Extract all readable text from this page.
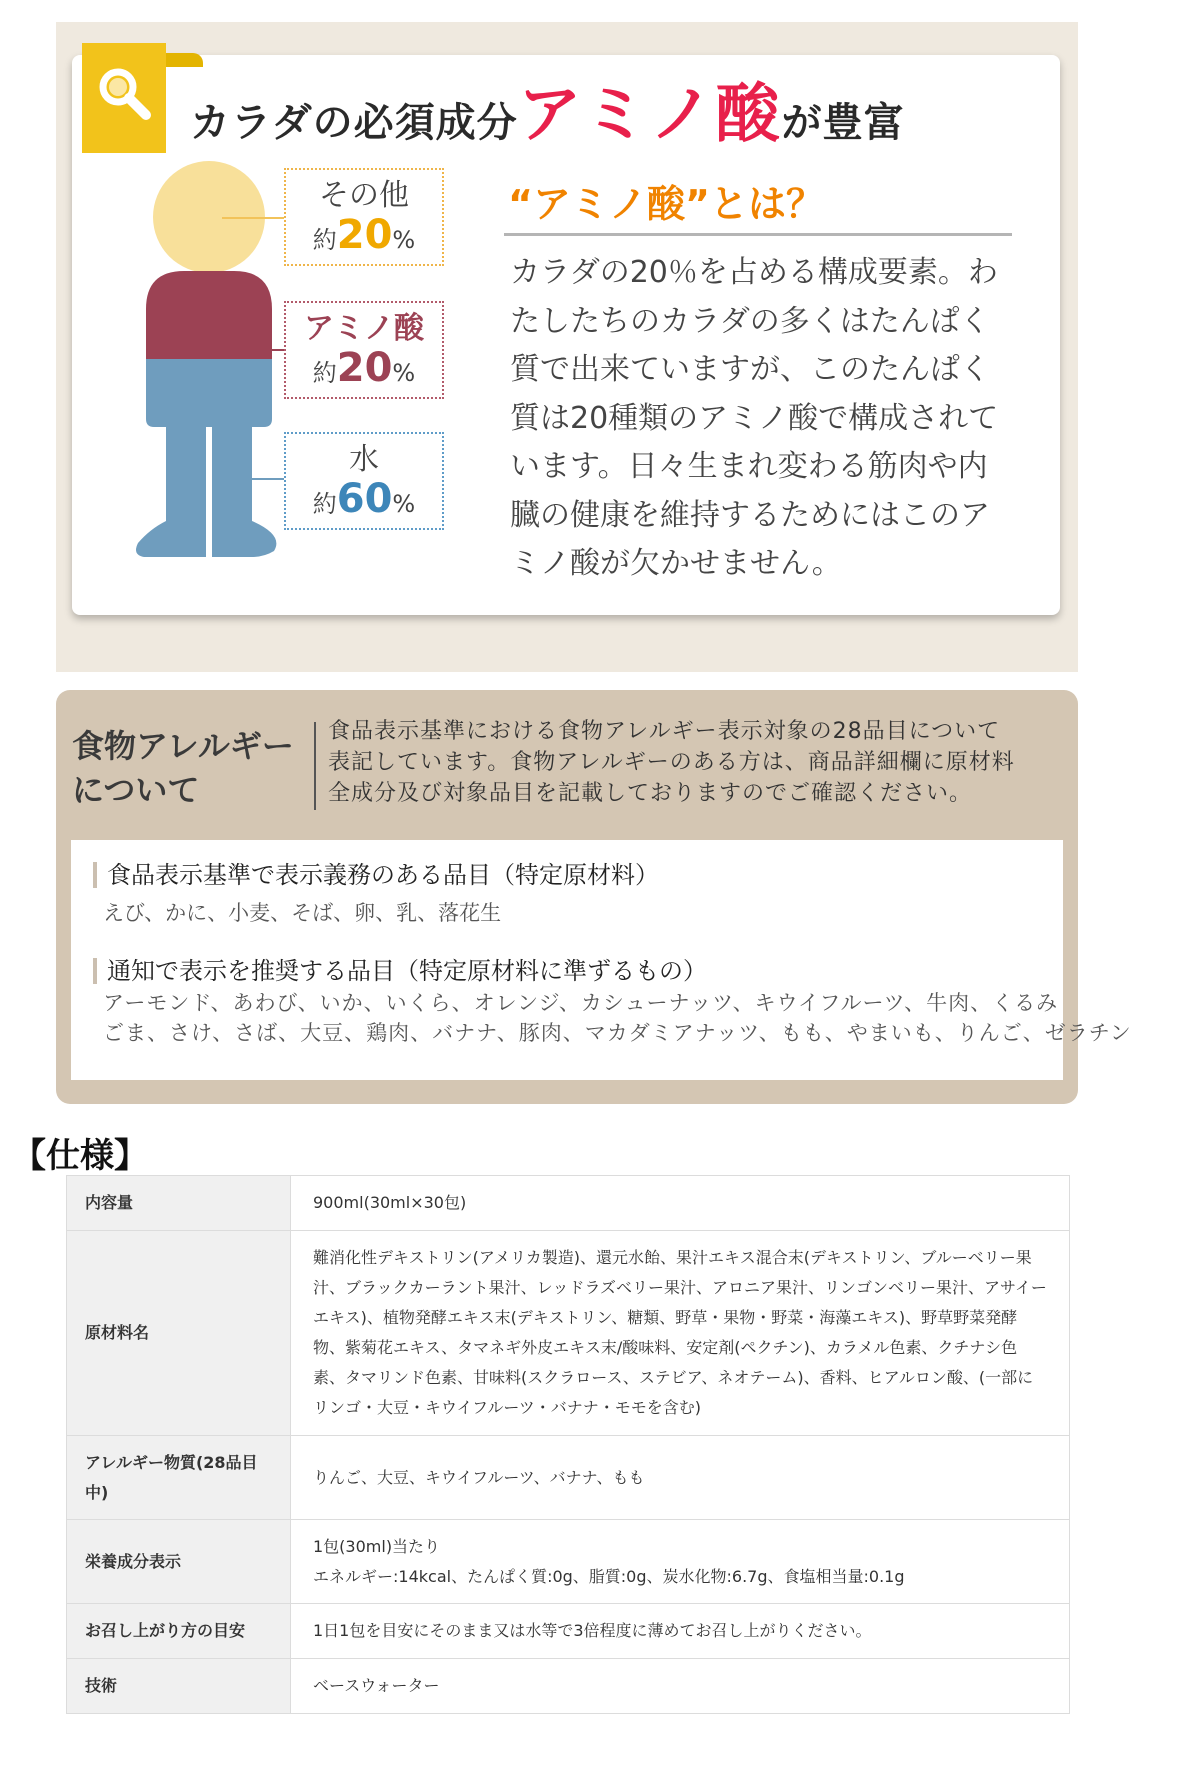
カラダの必須成分アミノ酸が豊富
その他
約20%
アミノ酸
約20%
水
約60%
“アミノ酸”とは？
カラダの20％を占める構成要素。わたしたちのカラダの多くはたんぱく質で出来ていますが、このたんぱく質は20種類のアミノ酸で構成されています。日々生まれ変わる筋肉や内臓の健康を維持するためにはこのアミノ酸が欠かせません。
食物アレルギー
について
食品表示基準における食物アレルギー表示対象の28品目について
表記しています。食物アレルギーのある方は、商品詳細欄に原材料
全成分及び対象品目を記載しておりますのでご確認ください。
食品表示基準で表示義務のある品目（特定原材料）
えび、かに、小麦、そば、卵、乳、落花生
通知で表示を推奨する品目（特定原材料に準ずるもの）
アーモンド、あわび、いか、いくら、オレンジ、カシューナッツ、キウイフルーツ、牛肉、くるみ
ごま、さけ、さば、大豆、鶏肉、バナナ、豚肉、マカダミアナッツ、もも、やまいも、りんご、ゼラチン
【仕様】
内容量	900ml(30ml×30包)
原材料名	難消化性デキストリン(アメリカ製造)、還元水飴、果汁エキス混合末(デキストリン、ブルーベリー果汁、ブラックカーラント果汁、レッドラズベリー果汁、アロニア果汁、リンゴンベリー果汁、アサイーエキス)、植物発酵エキス末(デキストリン、糖類、野草・果物・野菜・海藻エキス)、野草野菜発酵物、紫菊花エキス、タマネギ外皮エキス末/酸味料、安定剤(ペクチン)、カラメル色素、クチナシ色素、タマリンド色素、甘味料(スクラロース、ステビア、ネオテーム)、香料、ヒアルロン酸、(一部にリンゴ・大豆・キウイフルーツ・バナナ・モモを含む)
アレルギー物質(28品目中)	りんご、大豆、キウイフルーツ、バナナ、もも
栄養成分表示	1包(30ml)当たり
エネルギー:14kcal、たんぱく質:0g、脂質:0g、炭水化物:6.7g、食塩相当量:0.1g

お召し上がり方の目安	1日1包を目安にそのまま又は水等で3倍程度に薄めてお召し上がりください。
技術	ベースウォーター
